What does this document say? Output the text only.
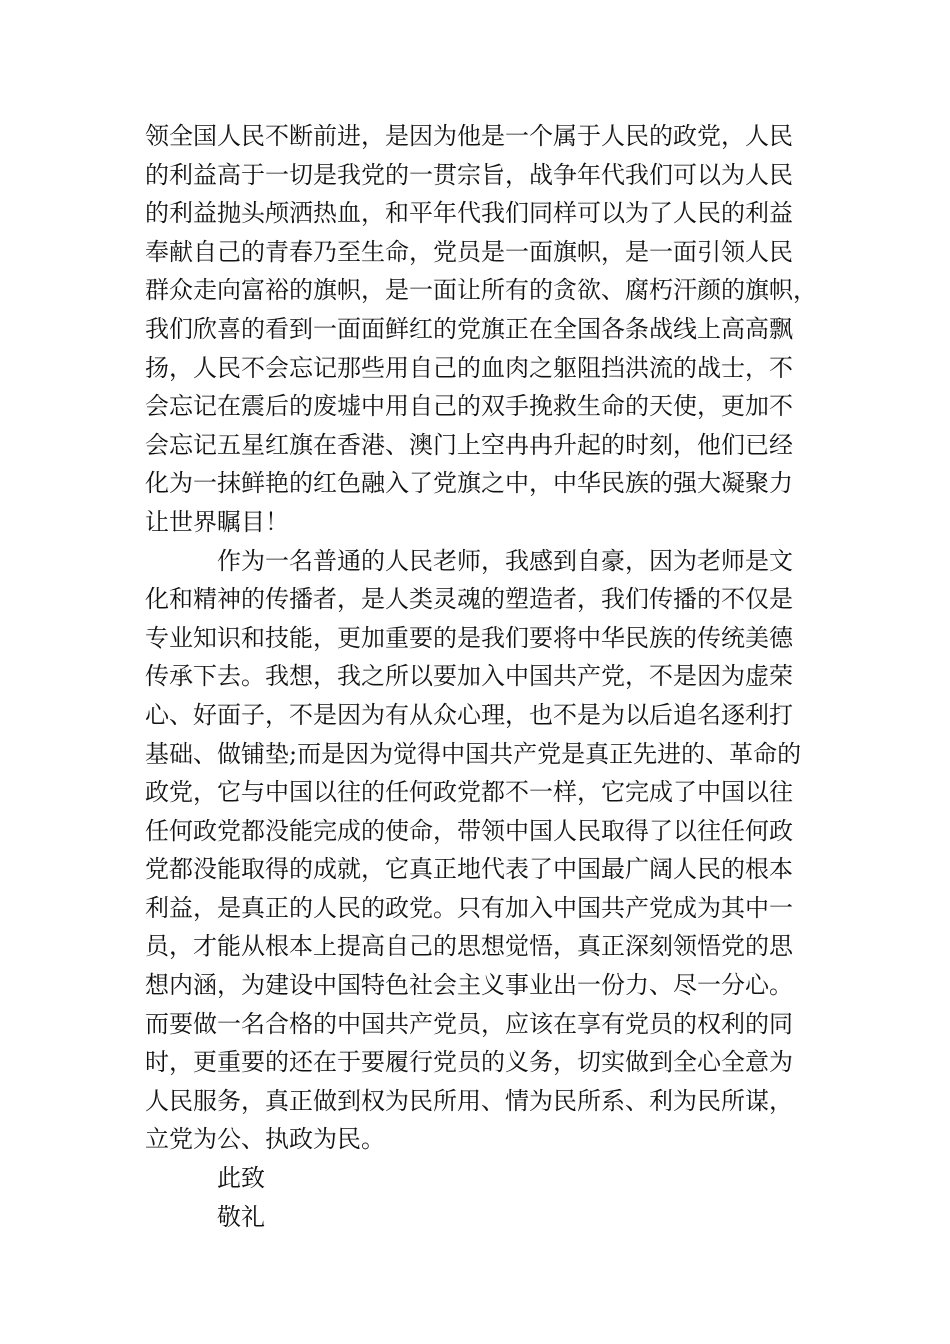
领全国人民不断前进，是因为他是一个属于人民的政党，人民
的利益高于一切是我党的一贯宗旨，战争年代我们可以为人民
的利益抛头颅洒热血，和平年代我们同样可以为了人民的利益
奉献自己的青春乃至生命，党员是一面旗帜，是一面引领人民
群众走向富裕的旗帜，是一面让所有的贪欲、腐朽汗颜的旗帜，
我们欣喜的看到一面面鲜红的党旗正在全国各条战线上高高飘
扬，人民不会忘记那些用自己的血肉之躯阻挡洪流的战士，不
会忘记在震后的废墟中用自己的双手挽救生命的天使，更加不
会忘记五星红旗在香港、澳门上空冉冉升起的时刻，他们已经
化为一抹鲜艳的红色融入了党旗之中，中华民族的强大凝聚力
让世界瞩目！
作为一名普通的人民老师，我感到自豪，因为老师是文
化和精神的传播者，是人类灵魂的塑造者，我们传播的不仅是
专业知识和技能，更加重要的是我们要将中华民族的传统美德
传承下去。我想，我之所以要加入中国共产党，不是因为虚荣
心、好面子，不是因为有从众心理，也不是为以后追名逐利打
基础、做铺垫;而是因为觉得中国共产党是真正先进的、革命的
政党，它与中国以往的任何政党都不一样，它完成了中国以往
任何政党都没能完成的使命，带领中国人民取得了以往任何政
党都没能取得的成就，它真正地代表了中国最广阔人民的根本
利益，是真正的人民的政党。只有加入中国共产党成为其中一
员，才能从根本上提高自己的思想觉悟，真正深刻领悟党的思
想内涵，为建设中国特色社会主义事业出一份力、尽一分心。
而要做一名合格的中国共产党员，应该在享有党员的权利的同
时，更重要的还在于要履行党员的义务，切实做到全心全意为
人民服务，真正做到权为民所用、情为民所系、利为民所谋，
立党为公、执政为民。
此致
敬礼
